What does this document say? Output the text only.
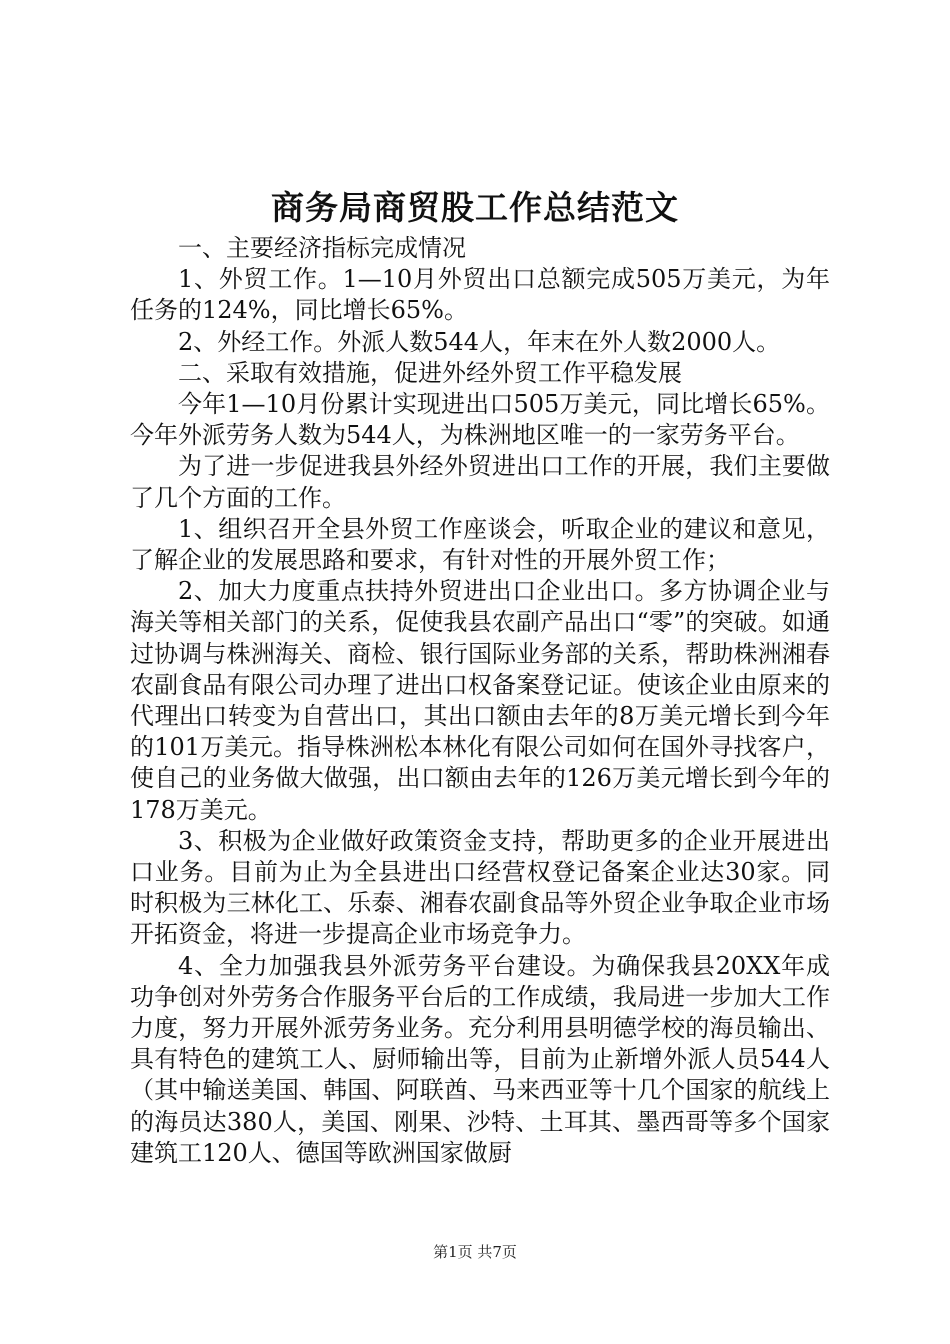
商务局商贸股工作总结范文

一、主要经济指标完成情况

1、外贸工作。1—10月外贸出口总额完成505万美元，为年任务的124%，同比增长65%。

2、外经工作。外派人数544人，年末在外人数2000人。

二、采取有效措施，促进外经外贸工作平稳发展

今年1—10月份累计实现进出口505万美元，同比增长65%。今年外派劳务人数为544人，为株洲地区唯一的一家劳务平台。

为了进一步促进我县外经外贸进出口工作的开展，我们主要做了几个方面的工作。

1、组织召开全县外贸工作座谈会，听取企业的建议和意见，了解企业的发展思路和要求，有针对性的开展外贸工作；

2、加大力度重点扶持外贸进出口企业出口。多方协调企业与海关等相关部门的关系，促使我县农副产品出口“零”的突破。如通过协调与株洲海关、商检、银行国际业务部的关系，帮助株洲湘春农副食品有限公司办理了进出口权备案登记证。使该企业由原来的代理出口转变为自营出口，其出口额由去年的8万美元增长到今年的101万美元。指导株洲松本林化有限公司如何在国外寻找客户，使自己的业务做大做强，出口额由去年的126万美元增长到今年的178万美元。

3、积极为企业做好政策资金支持，帮助更多的企业开展进出口业务。目前为止为全县进出口经营权登记备案企业达30家。同时积极为三林化工、乐泰、湘春农副食品等外贸企业争取企业市场开拓资金，将进一步提高企业市场竞争力。

4、全力加强我县外派劳务平台建设。为确保我县20XX年成功争创对外劳务合作服务平台后的工作成绩，我局进一步加大工作力度，努力开展外派劳务业务。充分利用县明德学校的海员输出、具有特色的建筑工人、厨师输出等，目前为止新增外派人员544人（其中输送美国、韩国、阿联酋、马来西亚等十几个国家的航线上的海员达380人，美国、刚果、沙特、土耳其、墨西哥等多个国家建筑工120人、德国等欧洲国家做厨

第1页 共7页
